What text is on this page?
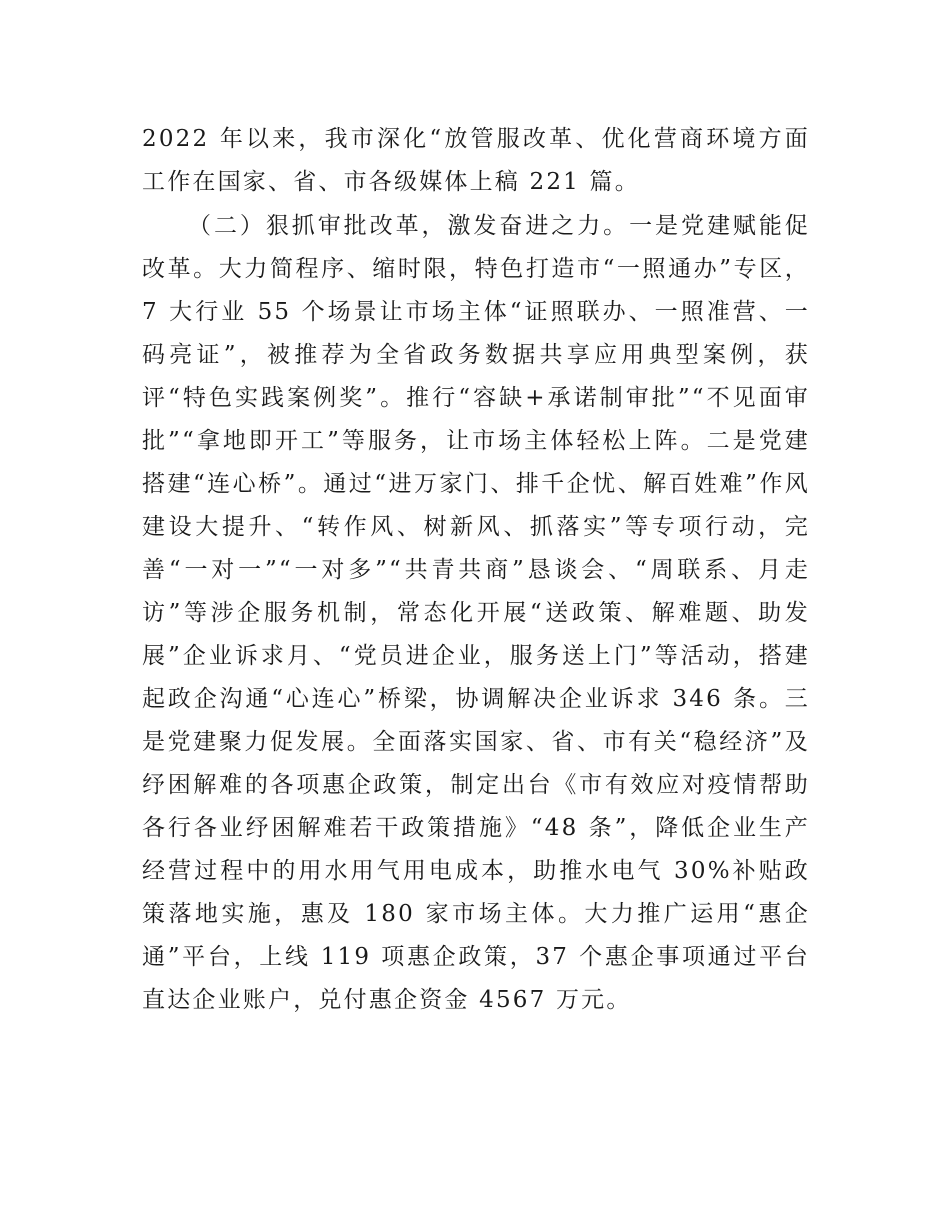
2022 年以来，我市深化“放管服改革、优化营商环境方面工作在国家、省、市各级媒体上稿 221 篇。

（二）狠抓审批改革，激发奋进之力。一是党建赋能促改革。大力简程序、缩时限，特色打造市“一照通办”专区，7 大行业 55 个场景让市场主体“证照联办、一照准营、一码亮证”，被推荐为全省政务数据共享应用典型案例，获评“特色实践案例奖”。推行“容缺+承诺制审批”“不见面审批”“拿地即开工”等服务，让市场主体轻松上阵。二是党建搭建“连心桥”。通过“进万家门、排千企忧、解百姓难”作风建设大提升、“转作风、树新风、抓落实”等专项行动，完善“一对一”“一对多”“共青共商”恳谈会、“周联系、月走访”等涉企服务机制，常态化开展“送政策、解难题、助发展”企业诉求月、“党员进企业，服务送上门”等活动，搭建起政企沟通“心连心”桥梁，协调解决企业诉求 346 条。三是党建聚力促发展。全面落实国家、省、市有关“稳经济”及纾困解难的各项惠企政策，制定出台《市有效应对疫情帮助各行各业纾困解难若干政策措施》“48 条”，降低企业生产经营过程中的用水用气用电成本，助推水电气 30%补贴政策落地实施，惠及 180 家市场主体。大力推广运用“惠企通”平台，上线 119 项惠企政策，37 个惠企事项通过平台直达企业账户，兑付惠企资金 4567 万元。
